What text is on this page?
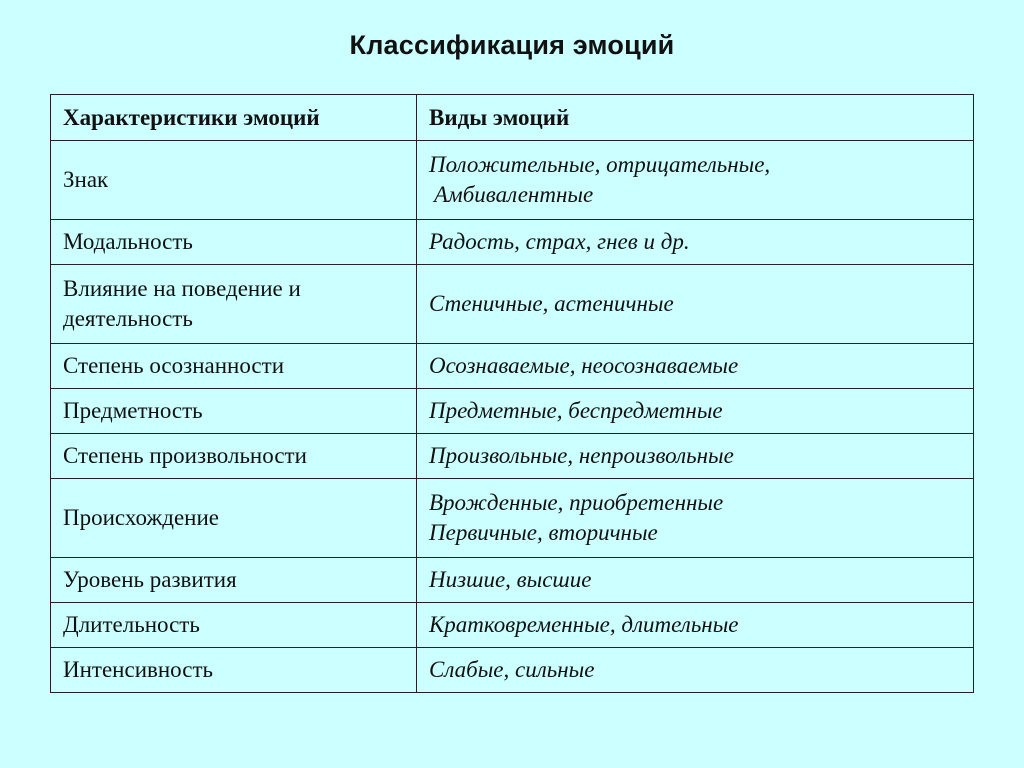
Классификация эмоций
Характеристики эмоций	Виды эмоций

Знак	Положительные, отрицательные,
Амбивалентные

Модальность	Радость, страх, гнев и др.

Влияние на поведение и
деятельность	Стеничные, астеничные

Степень осознанности	Осознаваемые, неосознаваемые

Предметность	Предметные, беспредметные

Степень произвольности	Произвольные, непроизвольные

Происхождение	Врожденные, приобретенные
Первичные, вторичные

Уровень развития	Низшие, высшие

Длительность	Кратковременные, длительные

Интенсивность	Слабые, сильные
